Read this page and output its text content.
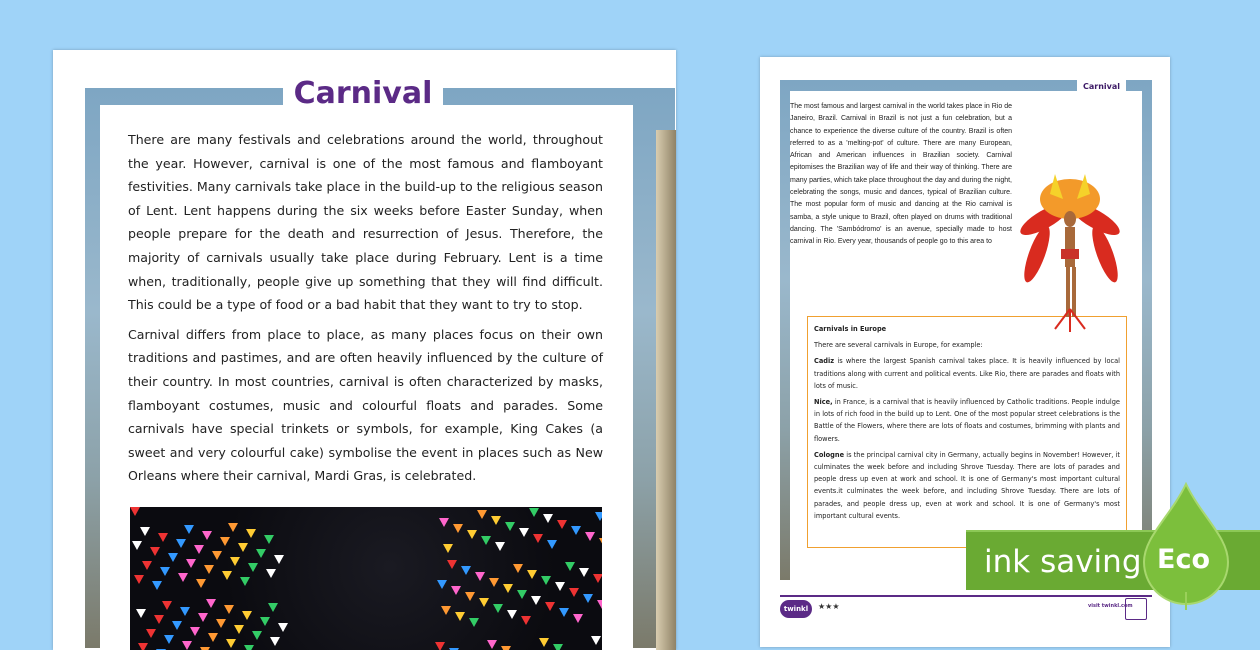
Carnival

There are many festivals and celebrations around the world, throughout the year. However, carnival is one of the most famous and flamboyant festivities. Many carnivals take place in the build-up to the religious season of Lent. Lent happens during the six weeks before Easter Sunday, when people prepare for the death and resurrection of Jesus. Therefore, the majority of carnivals usually take place during February. Lent is a time when, traditionally, people give up something that they will find difficult. This could be a type of food or a bad habit that they want to try to stop.

Carnival differs from place to place, as many places focus on their own traditions and pastimes, and are often heavily influenced by the culture of their country. In most countries, carnival is often characterized by masks, flamboyant costumes, music and colourful floats and parades. Some carnivals have special trinkets or symbols, for example, King Cakes (a sweet and very colourful cake) symbolise the event in places such as New Orleans where their carnival, Mardi Gras, is celebrated.

Carnival
The most famous and largest carnival in the world takes place in Rio de Janeiro, Brazil. Carnival in Brazil is not just a fun celebration, but a chance to experience the diverse culture of the country. Brazil is often referred to as a 'melting-pot' of culture. There are many European, African and American influences in Brazilian society. Carnival epitomises the Brazilian way of life and their way of thinking. There are many parties, which take place throughout the day and during the night, celebrating the songs, music and dances, typical of Brazilian culture. The most popular form of music and dancing at the Rio carnival is samba, a style unique to Brazil, often played on drums with traditional dancing. The 'Sambódromo' is an avenue, specially made to host carnival in Rio. Every year, thousands of people go to this area to

Carnivals in Europe

There are several carnivals in Europe, for example:

Cadiz is where the largest Spanish carnival takes place. It is heavily influenced by local traditions along with current and political events. Like Rio, there are parades and floats with lots of music.

Nice, in France, is a carnival that is heavily influenced by Catholic traditions. People indulge in lots of rich food in the build up to Lent. One of the most popular street celebrations is the Battle of the Flowers, where there are lots of floats and costumes, brimming with plants and flowers.

Cologne is the principal carnival city in Germany, actually begins in November! However, it culminates the week before and including Shrove Tuesday. There are lots of parades and people dress up even at work and school. It is one of Germany's most important cultural events.it culminates the week before, and including Shrove Tuesday. There are lots of parades, and people dress up, even at work and school. It is one of Germany's most important cultural events.

twinkl	★★★	visit twinkl.com
ink saving Eco
